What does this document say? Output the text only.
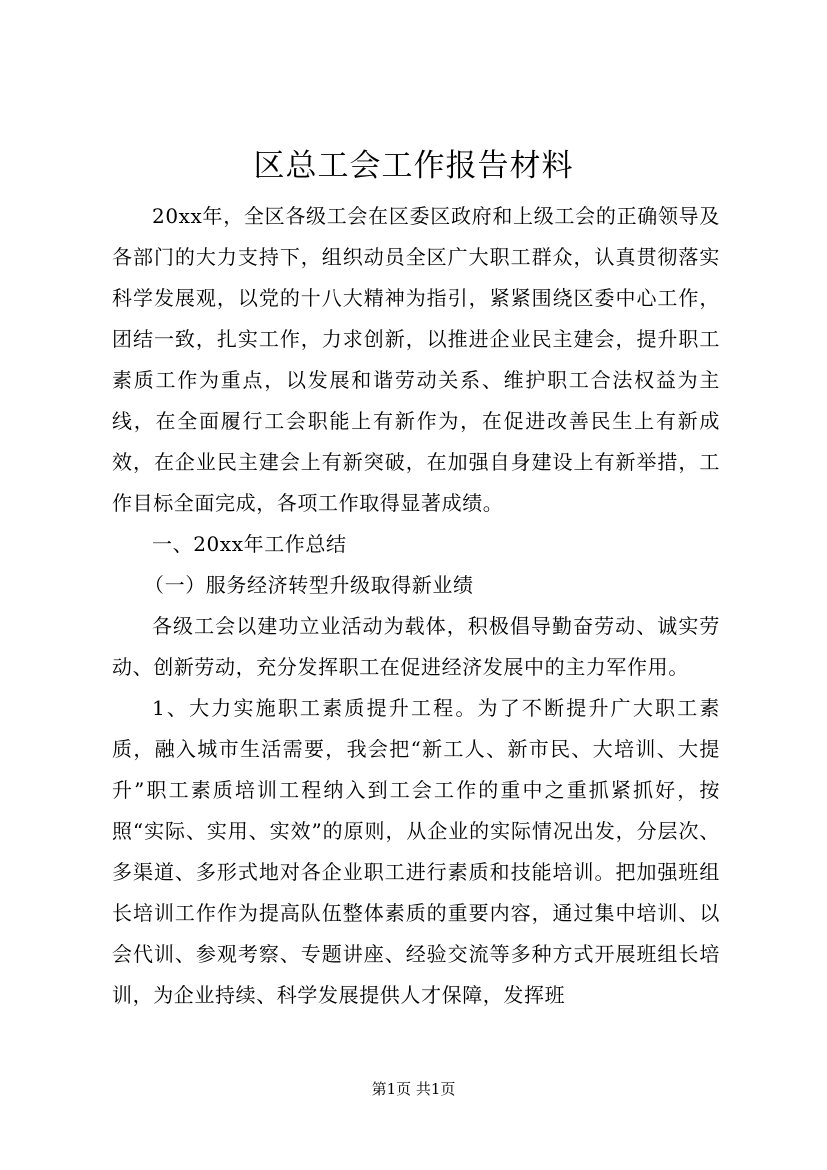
区总工会工作报告材料

20xx年，全区各级工会在区委区政府和上级工会的正确领导及各部门的大力支持下，组织动员全区广大职工群众，认真贯彻落实科学发展观，以党的十八大精神为指引，紧紧围绕区委中心工作，团结一致，扎实工作，力求创新，以推进企业民主建会，提升职工素质工作为重点，以发展和谐劳动关系、维护职工合法权益为主线，在全面履行工会职能上有新作为，在促进改善民生上有新成效，在企业民主建会上有新突破，在加强自身建设上有新举措，工作目标全面完成，各项工作取得显著成绩。

一、20xx年工作总结

（一）服务经济转型升级取得新业绩

各级工会以建功立业活动为载体，积极倡导勤奋劳动、诚实劳动、创新劳动，充分发挥职工在促进经济发展中的主力军作用。

1、大力实施职工素质提升工程。为了不断提升广大职工素质，融入城市生活需要，我会把“新工人、新市民、大培训、大提升”职工素质培训工程纳入到工会工作的重中之重抓紧抓好，按照“实际、实用、实效”的原则，从企业的实际情况出发，分层次、多渠道、多形式地对各企业职工进行素质和技能培训。把加强班组长培训工作作为提高队伍整体素质的重要内容，通过集中培训、以会代训、参观考察、专题讲座、经验交流等多种方式开展班组长培训，为企业持续、科学发展提供人才保障，发挥班

第1页 共1页
